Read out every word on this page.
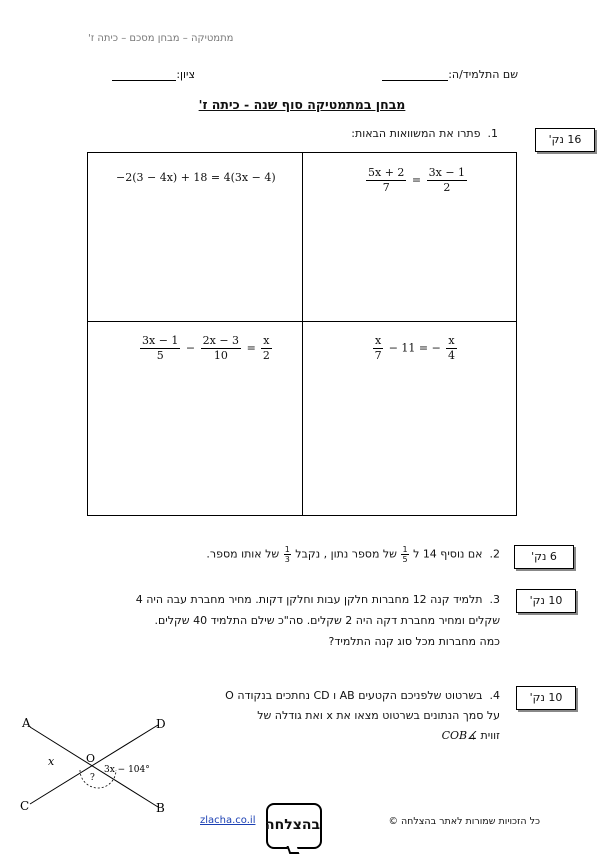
מתמטיקה – מבחן מסכם – כיתה ז'
שם התלמיד/ה:
ציון:
מבחן במתמטיקה סוף שנה - כיתה ז'
16 נק'
1.  פתרו את המשוואות הבאות:
−2(3 − 4x) + 18 = 4(3x − 4)	$\frac{5x + 2}{7} = \frac{3x - 1}{2}$
$\frac{3x - 1}{5} - \frac{2x - 3}{10} = \frac{x}{2}$	$\frac{x}{7} - 11$ = − $\frac{x}{4}$
6 נק'
2.  אם נוסיף 14 ל
$\frac{1}{5}$
של מספר נתון , נקבל
$\frac{1}{3}$
של אותו מספר.
10 נק'
3.  תלמיד קנה 12 מחברות חלקן עבות וחלקן דקות. מחיר מחברת עבה היה 4
שקלים ומחיר מחברת דקה היה 2 שקלים. סה"כ שילם התלמיד 40 שקלים.
כמה מחברות מכל סוג קנה התלמיד?
10 נק'
4.  בשרטוט שלפניכם הקטעים AB ו CD נחתכים בנקודה O
על סמך הנתונים בשרטוט מצאו את x ואת גודלה של
זווית ∡COB
A	D
C	B
O
x
3x − 104°
?
כל הזכויות שמורות לאתר בהצלחה ©
zlacha.co.il בהצלחה
